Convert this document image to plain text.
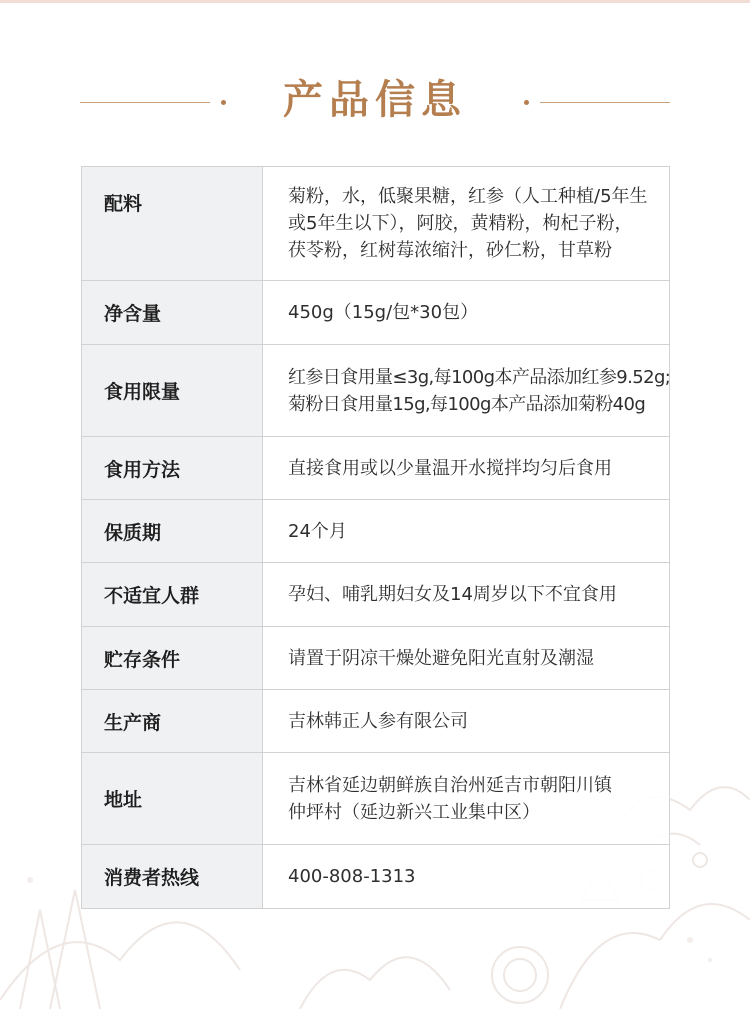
产品信息
配料	菊粉，水，低聚果糖，红参（人工种植/5年生
或5年生以下），阿胶，黄精粉，枸杞子粉，
茯苓粉，红树莓浓缩汁，砂仁粉，甘草粉

净含量	450g（15g/包*30包）

食用限量	红参日食用量≤3g,每100g本产品添加红参9.52g;
菊粉日食用量15g,每100g本产品添加菊粉40g

食用方法	直接食用或以少量温开水搅拌均匀后食用

保质期	24个月

不适宜人群	孕妇、哺乳期妇女及14周岁以下不宜食用

贮存条件	请置于阴凉干燥处避免阳光直射及潮湿

生产商	吉林韩正人参有限公司

地址	吉林省延边朝鲜族自治州延吉市朝阳川镇
仲坪村（延边新兴工业集中区）

消费者热线	400-808-1313
